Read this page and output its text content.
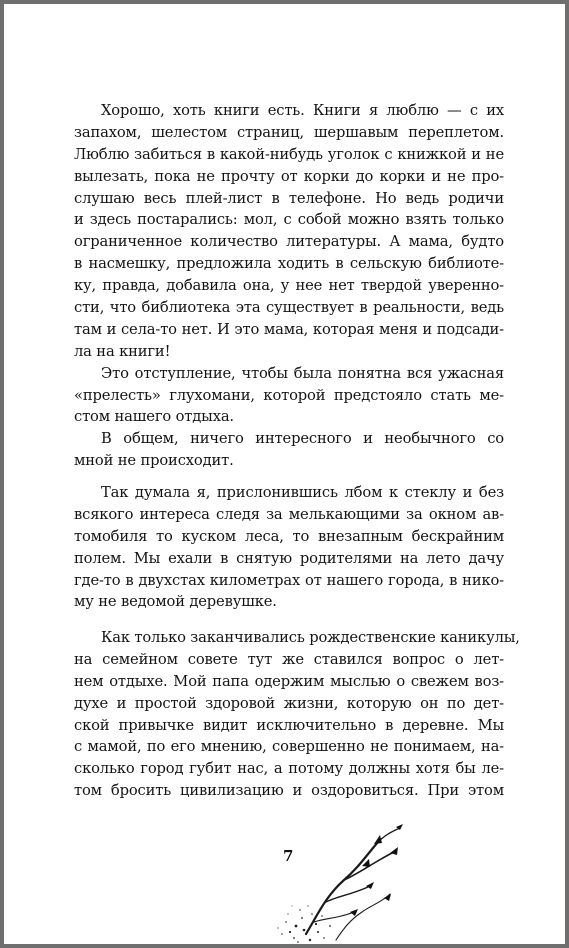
Хорошо, хоть книги есть. Книги я люблю — с их
запахом, шелестом страниц, шершавым переплетом.
Люблю забиться в какой-нибудь уголок с книжкой и не
вылезать, пока не прочту от корки до корки и не про-
слушаю весь плей-лист в телефоне. Но ведь родичи
и здесь постарались: мол, с собой можно взять только
ограниченное количество литературы. А мама, будто
в насмешку, предложила ходить в сельскую библиоте-
ку, правда, добавила она, у нее нет твердой уверенно-
сти, что библиотека эта существует в реальности, ведь
там и села-то нет. И это мама, которая меня и подсади-
ла на книги!
Это отступление, чтобы была понятна вся ужасная
«прелесть» глухомани, которой предстояло стать ме-
стом нашего отдыха.
В общем, ничего интересного и необычного со
мной не происходит.
Так думала я, прислонившись лбом к стеклу и без
всякого интереса следя за мелькающими за окном ав-
томобиля то куском леса, то внезапным бескрайним
полем. Мы ехали в снятую родителями на лето дачу
где-то в двухстах километрах от нашего города, в нико-
му не ведомой деревушке.
Как только заканчивались рождественские каникулы,
на семейном совете тут же ставился вопрос о лет-
нем отдыхе. Мой папа одержим мыслью о свежем воз-
духе и простой здоровой жизни, которую он по дет-
ской привычке видит исключительно в деревне. Мы
с мамой, по его мнению, совершенно не понимаем, на-
сколько город губит нас, а потому должны хотя бы ле-
том бросить цивилизацию и оздоровиться. При этом
7
